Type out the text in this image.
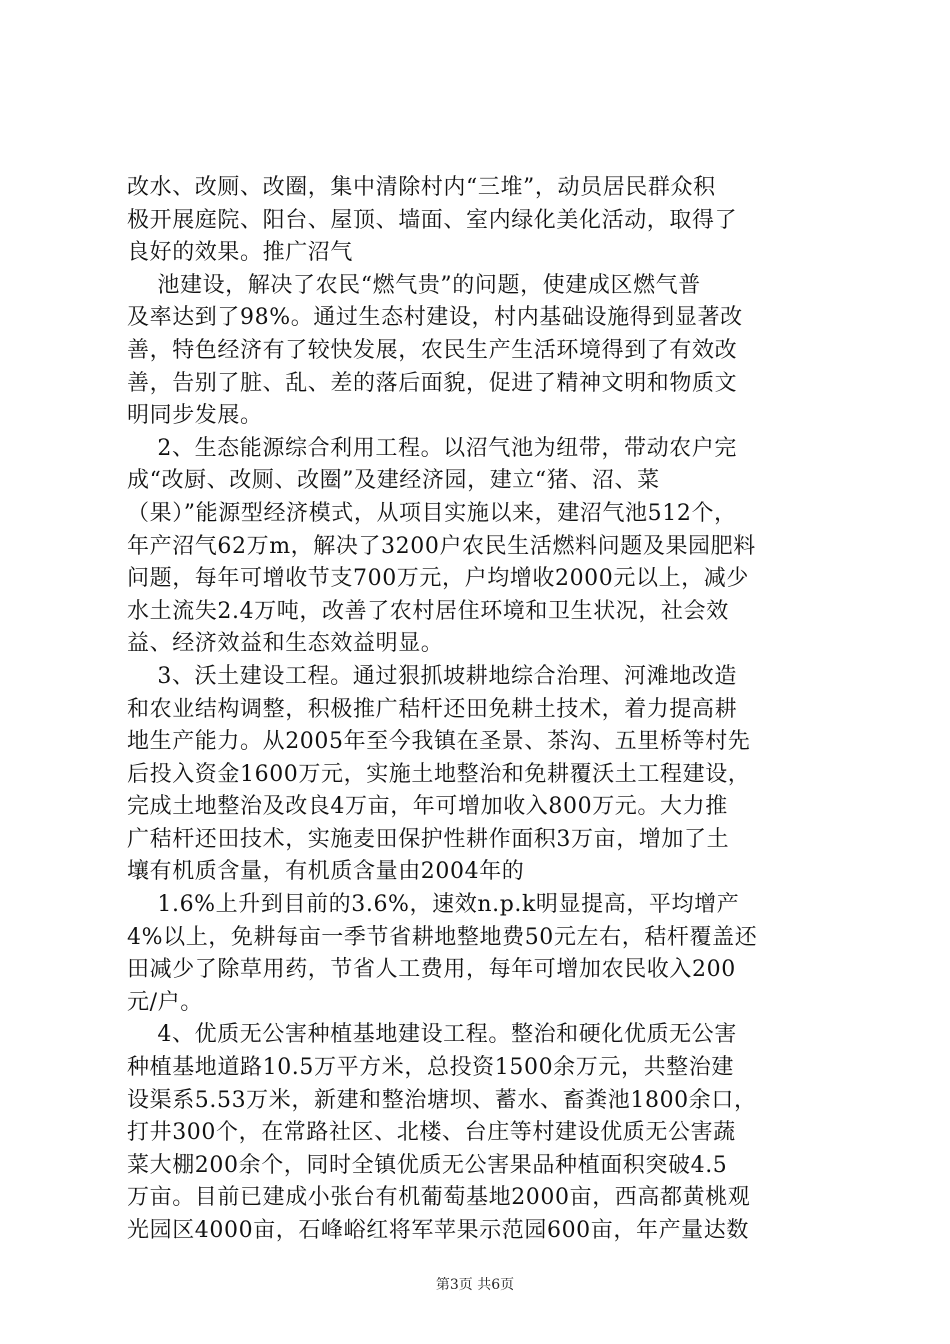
改水、改厕、改圈，集中清除村内“三堆”，动员居民群众积
极开展庭院、阳台、屋顶、墙面、室内绿化美化活动，取得了
良好的效果。推广沼气
池建设，解决了农民“燃气贵”的问题，使建成区燃气普
及率达到了98%。通过生态村建设，村内基础设施得到显著改
善，特色经济有了较快发展，农民生产生活环境得到了有效改
善，告别了脏、乱、差的落后面貌，促进了精神文明和物质文
明同步发展。
2、生态能源综合利用工程。以沼气池为纽带，带动农户完
成“改厨、改厕、改圈”及建经济园，建立“猪、沼、菜
（果）”能源型经济模式，从项目实施以来，建沼气池512个，
年产沼气62万m，解决了3200户农民生活燃料问题及果园肥料
问题，每年可增收节支700万元，户均增收2000元以上，减少
水土流失2.4万吨，改善了农村居住环境和卫生状况，社会效
益、经济效益和生态效益明显。
3、沃土建设工程。通过狠抓坡耕地综合治理、河滩地改造
和农业结构调整，积极推广秸杆还田免耕土技术，着力提高耕
地生产能力。从2005年至今我镇在圣景、茶沟、五里桥等村先
后投入资金1600万元，实施土地整治和免耕覆沃土工程建设，
完成土地整治及改良4万亩，年可增加收入800万元。大力推
广秸杆还田技术，实施麦田保护性耕作面积3万亩，增加了土
壤有机质含量，有机质含量由2004年的
1.6%上升到目前的3.6%，速效n.p.k明显提高，平均增产
4%以上，免耕每亩一季节省耕地整地费50元左右，秸杆覆盖还
田减少了除草用药，节省人工费用，每年可增加农民收入200
元/户。
4、优质无公害种植基地建设工程。整治和硬化优质无公害
种植基地道路10.5万平方米，总投资1500余万元，共整治建
设渠系5.53万米，新建和整治塘坝、蓄水、畜粪池1800余口，
打井300个，在常路社区、北楼、台庄等村建设优质无公害蔬
菜大棚200余个，同时全镇优质无公害果品种植面积突破4.5
万亩。目前已建成小张台有机葡萄基地2000亩，西高都黄桃观
光园区4000亩，石峰峪红将军苹果示范园600亩，年产量达数
第3页 共6页
